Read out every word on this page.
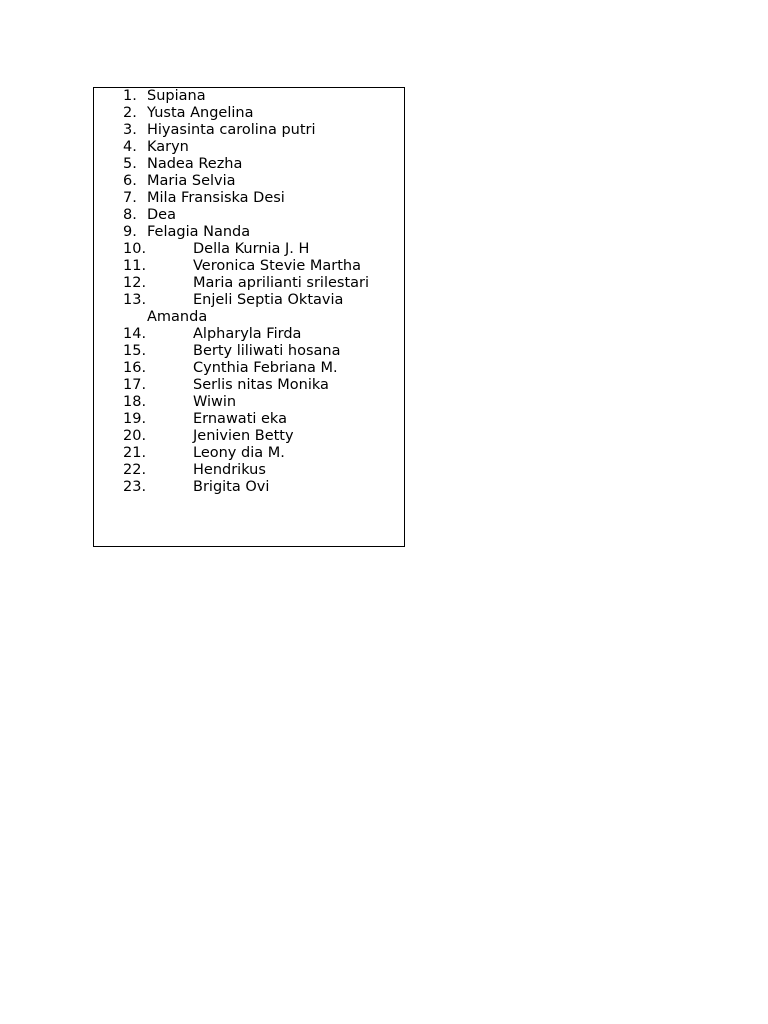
1. Supiana
2. Yusta Angelina
3. Hiyasinta carolina putri
4. Karyn
5. Nadea Rezha
6. Maria Selvia
7. Mila Fransiska Desi
8. Dea
9. Felagia Nanda
10.	Della Kurnia J. H
11.	Veronica Stevie Martha
12.	Maria aprilianti srilestari
13.	Enjeli Septia Oktavia
Amanda
14.	Alpharyla Firda
15.	Berty liliwati hosana
16.	Cynthia Febriana M.
17.	Serlis nitas Monika
18.	Wiwin
19.	Ernawati eka
20.	Jenivien Betty
21.	Leony dia M.
22.	Hendrikus
23.	Brigita Ovi
